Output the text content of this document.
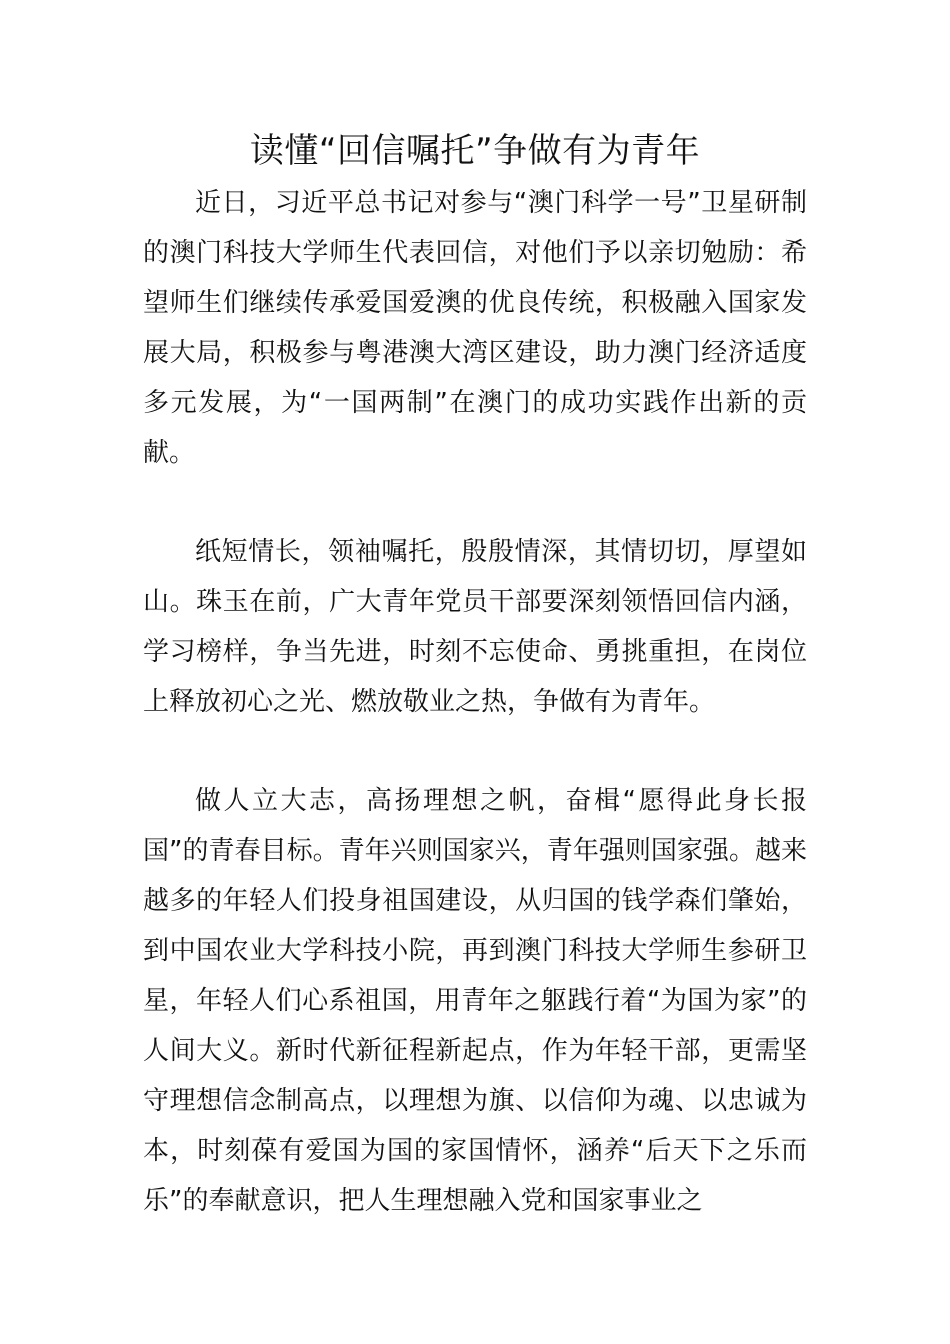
读懂“回信嘱托”争做有为青年

近日，习近平总书记对参与“澳门科学一号”卫星研制的澳门科技大学师生代表回信，对他们予以亲切勉励：希望师生们继续传承爱国爱澳的优良传统，积极融入国家发展大局，积极参与粤港澳大湾区建设，助力澳门经济适度多元发展，为“一国两制”在澳门的成功实践作出新的贡献。

纸短情长，领袖嘱托，殷殷情深，其情切切，厚望如山。珠玉在前，广大青年党员干部要深刻领悟回信内涵，学习榜样，争当先进，时刻不忘使命、勇挑重担，在岗位上释放初心之光、燃放敬业之热，争做有为青年。

做人立大志，高扬理想之帆，奋楫“愿得此身长报国”的青春目标。青年兴则国家兴，青年强则国家强。越来越多的年轻人们投身祖国建设，从归国的钱学森们肇始，到中国农业大学科技小院，再到澳门科技大学师生参研卫星，年轻人们心系祖国，用青年之躯践行着“为国为家”的人间大义。新时代新征程新起点，作为年轻干部，更需坚守理想信念制高点，以理想为旗、以信仰为魂、以忠诚为本，时刻葆有爱国为国的家国情怀，涵养“后天下之乐而乐”的奉献意识，把人生理想融入党和国家事业之
